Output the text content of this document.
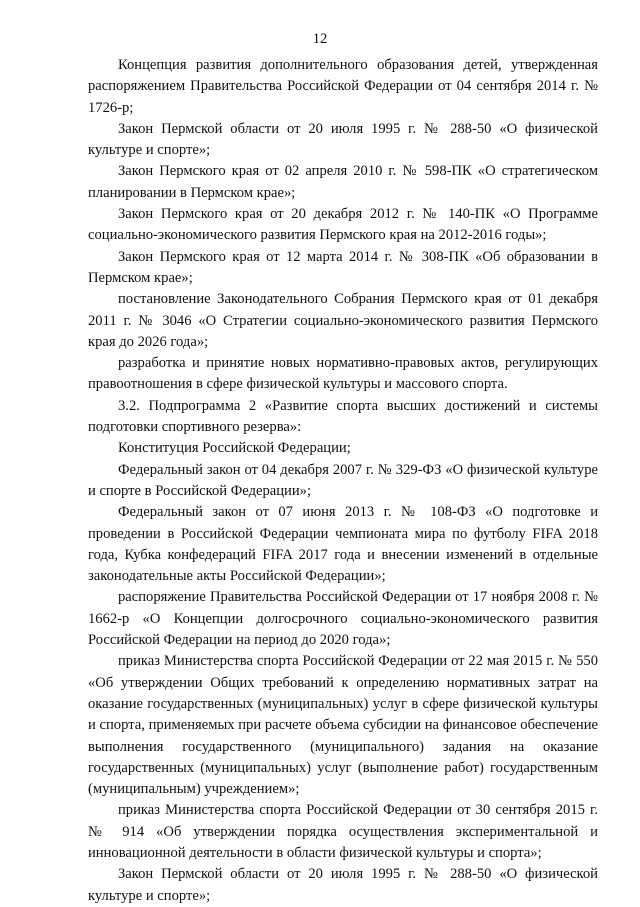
12

Концепция развития дополнительного образования детей, утвержденная распоряжением Правительства Российской Федерации от 04 сентября 2014 г. № 1726-р;

Закон Пермской области от 20 июля 1995 г. № 288-50 «О физической культуре и спорте»;

Закон Пермского края от 02 апреля 2010 г. № 598-ПК «О стратегическом планировании в Пермском крае»;

Закон Пермского края от 20 декабря 2012 г. № 140-ПК «О Программе социально-экономического развития Пермского края на 2012-2016 годы»;

Закон Пермского края от 12 марта 2014 г. № 308-ПК «Об образовании в Пермском крае»;

постановление Законодательного Собрания Пермского края от 01 декабря 2011 г. № 3046 «О Стратегии социально-экономического развития Пермского края до 2026 года»;

разработка и принятие новых нормативно-правовых актов, регулирующих правоотношения в сфере физической культуры и массового спорта.

3.2. Подпрограмма 2 «Развитие спорта высших достижений и системы подготовки спортивного резерва»:

Конституция Российской Федерации;

Федеральный закон от 04 декабря 2007 г. № 329-ФЗ «О физической культуре и спорте в Российской Федерации»;

Федеральный закон от 07 июня 2013 г. № 108-ФЗ «О подготовке и проведении в Российской Федерации чемпионата мира по футболу FIFA 2018 года, Кубка конфедераций FIFA 2017 года и внесении изменений в отдельные законодательные акты Российской Федерации»;

распоряжение Правительства Российской Федерации от 17 ноября 2008 г. № 1662-р «О Концепции долгосрочного социально-экономического развития Российской Федерации на период до 2020 года»;

приказ Министерства спорта Российской Федерации от 22 мая 2015 г. № 550 «Об утверждении Общих требований к определению нормативных затрат на оказание государственных (муниципальных) услуг в сфере физической культуры и спорта, применяемых при расчете объема субсидии на финансовое обеспечение выполнения государственного (муниципального) задания на оказание государственных (муниципальных) услуг (выполнение работ) государственным (муниципальным) учреждением»;

приказ Министерства спорта Российской Федерации от 30 сентября 2015 г. № 914 «Об утверждении порядка осуществления экспериментальной и инновационной деятельности в области физической культуры и спорта»;

Закон Пермской области от 20 июля 1995 г. № 288-50 «О физической культуре и спорте»;
